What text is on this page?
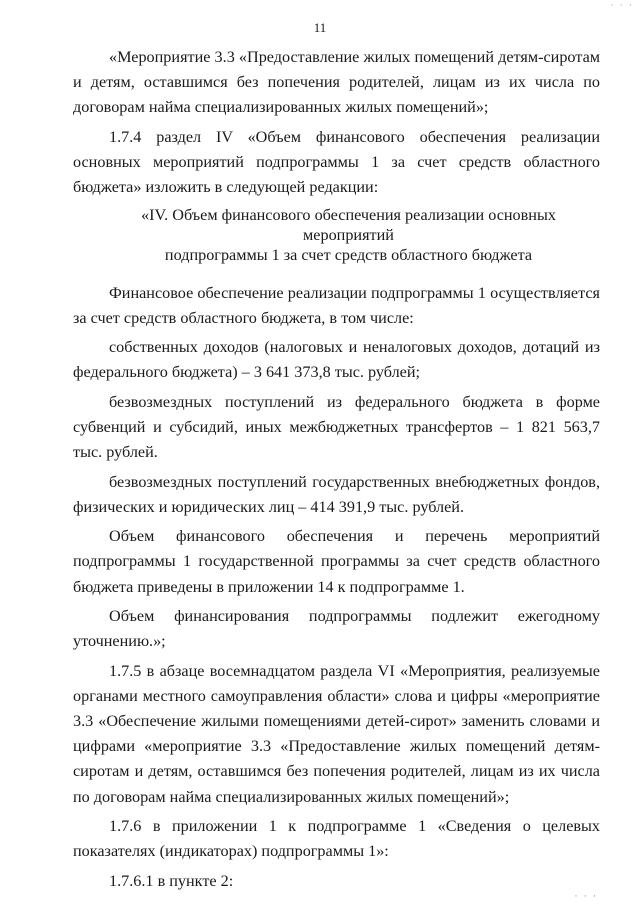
· · ·
11

«Мероприятие 3.3 «Предоставление жилых помещений детям-сиротам и детям, оставшимся без попечения родителей, лицам из их числа по договорам найма специализированных жилых помещений»;

1.7.4 раздел IV «Объем финансового обеспечения реализации основных мероприятий подпрограммы 1 за счет средств областного бюджета» изложить в следующей редакции:

«IV. Объем финансового обеспечения реализации основных мероприятий
подпрограммы 1 за счет средств областного бюджета

Финансовое обеспечение реализации подпрограммы 1 осуществляется за счет средств областного бюджета, в том числе:

собственных доходов (налоговых и неналоговых доходов, дотаций из федерального бюджета) – 3 641 373,8 тыс. рублей;

безвозмездных поступлений из федерального бюджета в форме субвенций и субсидий, иных межбюджетных трансфертов – 1 821 563,7 тыс. рублей.

безвозмездных поступлений государственных внебюджетных фондов, физических и юридических лиц – 414 391,9 тыс. рублей.

Объем финансового обеспечения и перечень мероприятий подпрограммы 1 государственной программы за счет средств областного бюджета приведены в приложении 14 к подпрограмме 1.

Объем финансирования подпрограммы подлежит ежегодному уточнению.»;

1.7.5 в абзаце восемнадцатом раздела VI «Мероприятия, реализуемые органами местного самоуправления области» слова и цифры «мероприятие 3.3 «Обеспечение жилыми помещениями детей-сирот» заменить словами и цифрами «мероприятие 3.3 «Предоставление жилых помещений детям-сиротам и детям, оставшимся без попечения родителей, лицам из их числа по договорам найма специализированных жилых помещений»;

1.7.6 в приложении 1 к подпрограмме 1 «Сведения о целевых показателях (индикаторах) подпрограммы 1»:

1.7.6.1 в пункте 2:

· · ·
